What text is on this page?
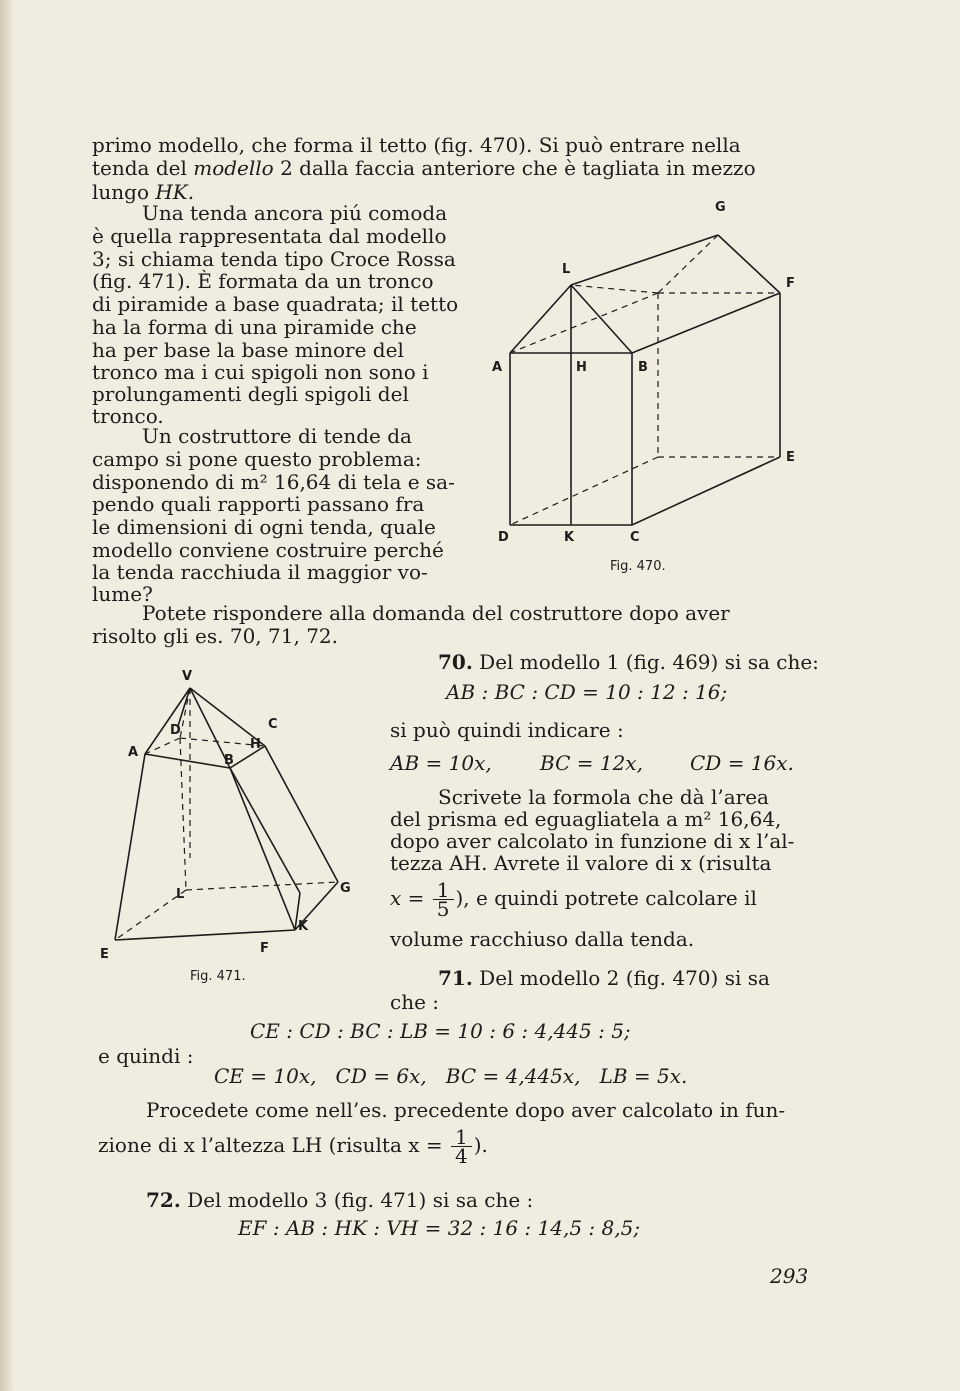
primo modello, che forma il tetto (fig. 470). Si può entrare nella
tenda del modello 2 dalla faccia anteriore che è tagliata in mezzo
lungo HK.
Una tenda ancora piú comoda
è quella rappresentata dal modello
3; si chiama tenda tipo Croce Rossa
(fig. 471). È formata da un tronco
di piramide a base quadrata; il tetto
ha la forma di una piramide che
ha per base la base minore del
tronco ma i cui spigoli non sono i
prolungamenti degli spigoli del
tronco.
Un costruttore di tende da
campo si pone questo problema:
disponendo di m² 16,64 di tela e sa-
pendo quali rapporti passano fra
le dimensioni di ogni tenda, quale
modello conviene costruire perché
la tenda racchiuda il maggior vo-
lume?
Potete rispondere alla domanda del costruttore dopo aver
risolto gli es. 70, 71, 72.
G
L
F
A	H	B
E
D	K	C
Fig. 470.
V
C
D
A
H
B
G
L
K
E	F
Fig. 471.
70. Del modello 1 (fig. 469) si sa che:
AB : BC : CD = 10 : 12 : 16;
si può quindi indicare :
AB = 10x, BC = 12x, CD = 16x.
Scrivete la formola che dà l’area
del prisma ed eguagliatela a m² 16,64,
dopo aver calcolato in funzione di x l’al-
tezza AH. Avrete il valore di x (risulta
$x = \frac{1}{5}$ ), e quindi potrete calcolare il
volume racchiuso dalla tenda.
71. Del modello 2 (fig. 470) si sa
che :
CE : CD : BC : LB = 10 : 6 : 4,445 : 5;
e quindi :
CE = 10x,   CD = 6x,   BC = 4,445x,   LB = 5x.
Procedete come nell’es. precedente dopo aver calcolato in fun-
zione di x l’altezza LH (risulta $x = \frac{1}{4}$ ).
72. Del modello 3 (fig. 471) si sa che :
EF : AB : HK : VH = 32 : 16 : 14,5 : 8,5;
293
